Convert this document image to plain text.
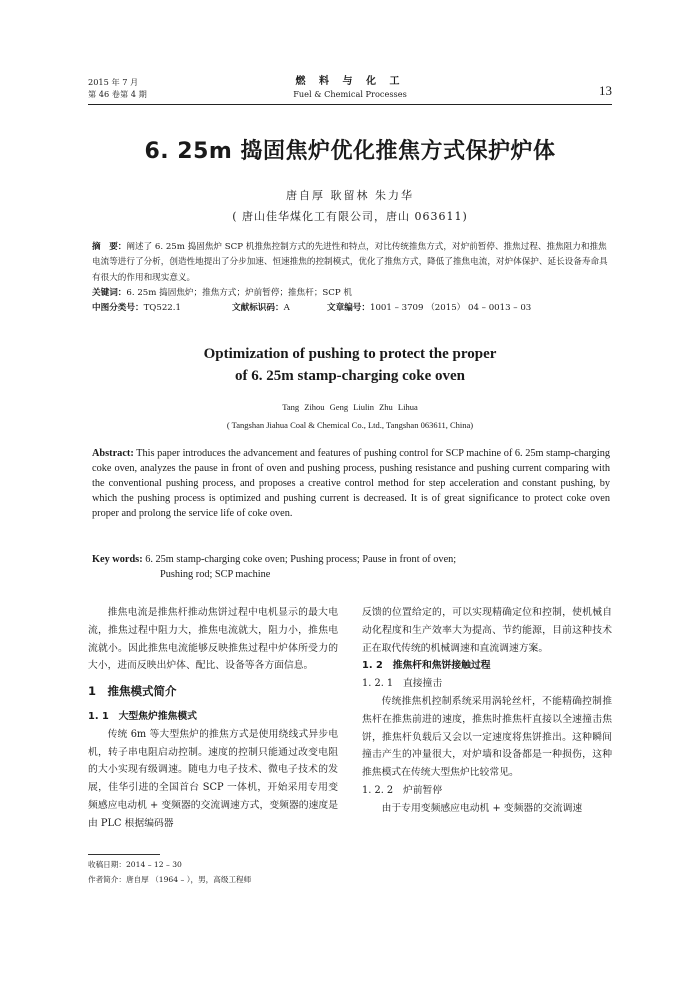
2015 年 7 月
第 46 卷第 4 期
燃 料 与 化 工
Fuel & Chemical Processes	13
6. 25m 捣固焦炉优化推焦方式保护炉体
唐自厚 耿留林 朱力华
( 唐山佳华煤化工有限公司，唐山 063611)

摘　要：阐述了 6. 25m 捣固焦炉 SCP 机推焦控制方式的先进性和特点，对比传统推焦方式，对炉前暂停、推焦过程、推焦阻力和推焦电流等进行了分析，创造性地提出了分步加速、恒速推焦的控制模式，优化了推焦方式，降低了推焦电流，对炉体保护、延长设备寿命具有很大的作用和现实意义。

关键词：6. 25m 捣固焦炉；推焦方式；炉前暂停；推焦杆；SCP 机

中图分类号：TQ522.1	文献标识码：A	文章编号：1001 – 3709 （2015） 04 – 0013 – 03

Optimization of pushing to protect the proper
of 6. 25m stamp-charging coke oven
Tang Zihou Geng Liulin Zhu Lihua
( Tangshan Jiahua Coal & Chemical Co., Ltd., Tangshan 063611, China)

Abstract: This paper introduces the advancement and features of pushing control for SCP machine of 6. 25m stamp-charging coke oven, analyzes the pause in front of oven and pushing process, pushing resistance and pushing current comparing with the conventional pushing process, and proposes a creative control method for step acceleration and constant pushing, by which the pushing process is optimized and pushing current is decreased. It is of great significance to protect coke oven proper and prolong the service life of coke oven.

Key words: 6. 25m stamp-charging coke oven; Pushing process; Pause in front of oven;
Pushing rod; SCP machine

推焦电流是推焦杆推动焦饼过程中电机显示的最大电流，推焦过程中阻力大，推焦电流就大，阻力小，推焦电流就小。因此推焦电流能够反映推焦过程中炉体所受力的大小，进而反映出炉体、配比、设备等各方面信息。

1　推焦模式简介

1. 1　大型焦炉推焦模式

传统 6m 等大型焦炉的推焦方式是使用绕线式异步电机，转子串电阻启动控制。速度的控制只能通过改变电阻的大小实现有级调速。随电力电子技术、微电子技术的发展，佳华引进的全国首台 SCP 一体机，开始采用专用变频感应电动机 + 变频器的交流调速方式，变频器的速度是由 PLC 根据编码器

反馈的位置给定的，可以实现精确定位和控制，使机械自动化程度和生产效率大为提高、节约能源，目前这种技术正在取代传统的机械调速和直流调速方案。

1. 2　推焦杆和焦饼接触过程

1. 2. 1　直接撞击

传统推焦机控制系统采用涡轮丝杆，不能精确控制推焦杆在推焦前进的速度，推焦时推焦杆直接以全速撞击焦饼，推焦杆负载后又会以一定速度将焦饼推出。这种瞬间撞击产生的冲量很大，对炉墙和设备都是一种损伤，这种推焦模式在传统大型焦炉比较常见。

1. 2. 2　炉前暂停

由于专用变频感应电动机 + 变频器的交流调速

收稿日期：2014 – 12 – 30
作者简介：唐自厚 （1964 – ），男，高级工程师
